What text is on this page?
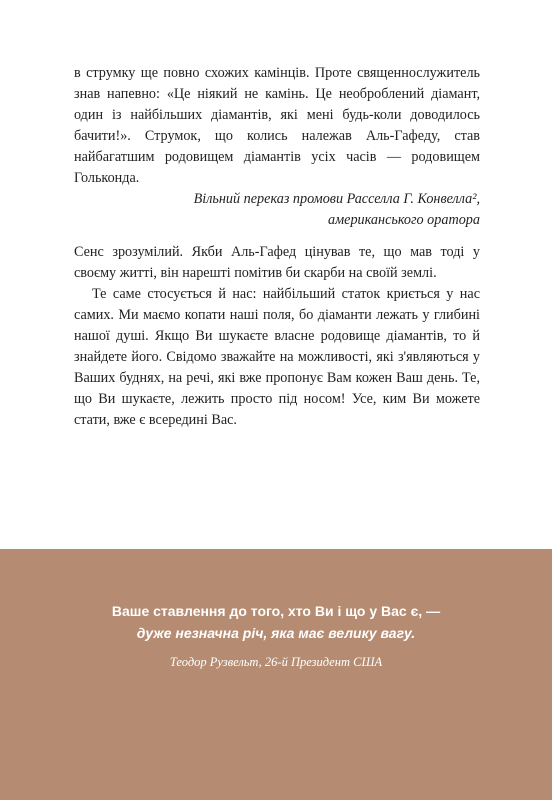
в струмку ще повно схожих камінців. Проте священнослужитель знав напевно: «Це ніякий не камінь. Це необроблений діамант, один із найбільших діамантів, які мені будь-коли доводилось бачити!». Струмок, що колись належав Аль-Гафеду, став найбагатшим родовищем діамантів усіх часів — родовищем Гольконда.

Вільний переказ промови Расселла Г. Конвелла²,

американського оратора

Сенс зрозумілий. Якби Аль-Гафед цінував те, що мав тоді у своєму житті, він нарешті помітив би скарби на своїй землі.

Те саме стосується й нас: найбільший статок криється у нас самих. Ми маємо копати наші поля, бо діаманти лежать у глибині нашої душі. Якщо Ви шукаєте власне родовище діамантів, то й знайдете його. Свідомо зважайте на можливості, які з'являються у Ваших буднях, на речі, які вже пропонує Вам кожен Ваш день. Те, що Ви шукаєте, лежить просто під носом! Усе, ким Ви можете стати, вже є всередині Вас.

Ваше ставлення до того, хто Ви і що у Вас є, —
дуже незначна річ, яка має велику вагу.
Теодор Рузвельт, 26-й Президент США
